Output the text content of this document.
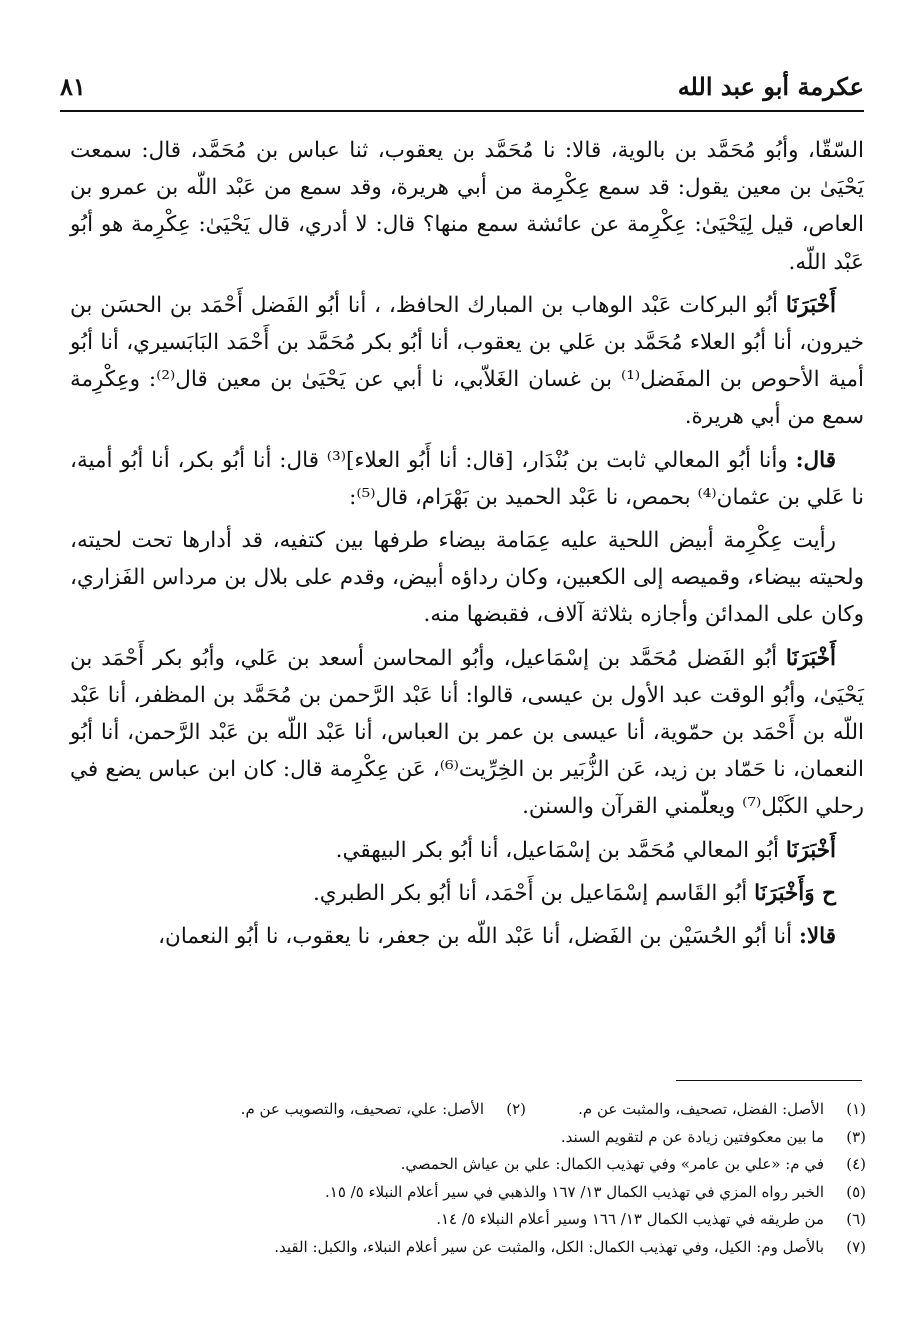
عكرمة أبو عبد الله
٨١

السّقّا، وأبُو مُحَمَّد بن بالوية، قالا: نا مُحَمَّد بن يعقوب، ثنا عباس بن مُحَمَّد، قال: سمعت يَحْيَىٰ بن معين يقول: قد سمع عِكْرِمة من أبي هريرة، وقد سمع من عَبْد اللّه بن عمرو بن العاص، قيل لِيَحْيَىٰ: عِكْرِمة عن عائشة سمع منها؟ قال: لا أدري، قال يَحْيَىٰ: عِكْرِمة هو أبُو عَبْد اللّه.

أَخْبَرَنَا أبُو البركات عَبْد الوهاب بن المبارك الحافظ، ، أنا أبُو الفَضل أَحْمَد بن الحسَن بن خيرون، أنا أبُو العلاء مُحَمَّد بن عَلي بن يعقوب، أنا أبُو بكر مُحَمَّد بن أَحْمَد البَابَسيري، أنا أبُو أمية الأحوص بن المفَضل⁽¹⁾ بن غسان الغَلاّبي، نا أبي عن يَحْيَىٰ بن معين قال⁽²⁾: وعِكْرِمة سمع من أبي هريرة.

قال: وأنا أبُو المعالي ثابت بن بُنْدَار، [قال: أنا أَبُو العلاء]⁽³⁾ قال: أنا أبُو بكر، أنا أبُو أمية، نا عَلي بن عثمان⁽⁴⁾ بحمص، نا عَبْد الحميد بن بَهْرَام، قال⁽⁵⁾:

رأيت عِكْرِمة أبيض اللحية عليه عِمَامة بيضاء طرفها بين كتفيه، قد أدارها تحت لحيته، ولحيته بيضاء، وقميصه إلى الكعبين، وكان رداؤه أبيض، وقدم على بلال بن مرداس الفَزاري، وكان على المدائن وأجازه بثلاثة آلاف، فقبضها منه.

أَخْبَرَنَا أبُو الفَضل مُحَمَّد بن إسْمَاعيل، وأبُو المحاسن أسعد بن عَلي، وأبُو بكر أَحْمَد بن يَحْيَىٰ، وأبُو الوقت عبد الأول بن عيسى، قالوا: أنا عَبْد الرَّحمن بن مُحَمَّد بن المظفر، أنا عَبْد اللّه بن أَحْمَد بن حمّوية، أنا عيسى بن عمر بن العباس، أنا عَبْد اللّه بن عَبْد الرَّحمن، أنا أبُو النعمان، نا حَمّاد بن زيد، عَن الزُّبَير بن الخِرِّيت⁽⁶⁾، عَن عِكْرِمة قال: كان ابن عباس يضع في رحلي الكَبْل⁽⁷⁾ ويعلّمني القرآن والسنن.

أَخْبَرَنَا أبُو المعالي مُحَمَّد بن إسْمَاعيل، أنا أبُو بكر البيهقي.

ح وَأَخْبَرَنَا أبُو القَاسم إسْمَاعيل بن أَحْمَد، أنا أبُو بكر الطبري.

قالا: أنا أبُو الحُسَيْن بن الفَضل، أنا عَبْد اللّه بن جعفر، نا يعقوب، نا أبُو النعمان،

(١)
الأصل: الفضل، تصحيف، والمثبت عن م.
(٢)
الأصل: علي، تصحيف، والتصويب عن م.
(٣)
ما بين معكوفتين زيادة عن م لتقويم السند.
(٤)
في م: «علي بن عامر» وفي تهذيب الكمال: علي بن عياش الحمصي.
(٥)
الخبر رواه المزي في تهذيب الكمال ١٣/ ١٦٧ والذهبي في سير أعلام النبلاء ٥/ ١٥.
(٦)
من طريقه في تهذيب الكمال ١٣/ ١٦٦ وسير أعلام النبلاء ٥/ ١٤.
(٧)
بالأصل وم: الكيل، وفي تهذيب الكمال: الكل، والمثبت عن سير أعلام النبلاء، والكبل: القيد.
